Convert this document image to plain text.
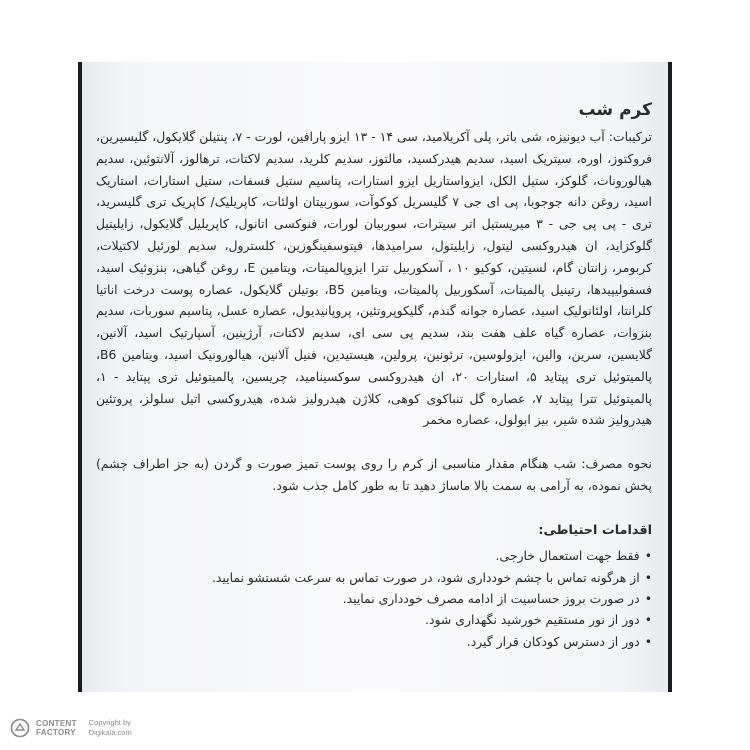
کرم شب

ترکیبات: آب دیونیزه، شی باتر، پلی آکریلامید، سی ۱۴ - ۱۳ ایزو پارافین، لورت - ۷، پنتیلن گلایکول، گلیسیرین، فروکتوز، اوره، سیتریک اسید، سدیم هیدرکسید، مالتوز، سدیم کلرید، سدیم لاکتات، ترهالوز، آلانتوئین، سدیم هیالورونات، گلوکز، ستیل الکل، ایزواستاریل ایزو استارات، پتاسیم ستیل فسفات، ستیل استارات، استاریک اسید، روغن دانه جوجوبا، پی ای جی ۷ گلیسریل کوکوآت، سوربیتان اولئات، کاپریلیک/ کاپریک تری گلیسرید، تری - پی پی جی - ۳ میریستیل اتر سیترات، سوربیان لورات، فنوکسی اتانول، کاپریلیل گلایکول، زایلیتیل گلوکزاید، ان هیدروکسی لیتول، زایلیتول، سرامیدها، فیتوسفینگوزین، کلسترول، سدیم لورئیل لاکتیلات، کربومر، زانتان گام، لسیتین، کوکیو ۱۰ ، آسکوربیل تترا ایزوپالمیتات، ویتامین E، روغن گیاهی، بنزوئیک اسید، فسفولیپیدها، رتینیل پالمیتات، آسکوربیل پالمیتات، ویتامین B5، بوتیلن گلایکول، عصاره پوست درخت اناتیا کلرانتا، اولئانولیک اسید، عصاره جوانه گندم، گلیکوپروتئین، پروپانیدیول، عصاره عسل، پتاسیم سوربات، سدیم بنزوات، عصاره گیاه علف هفت بند، سدیم پی سی ای، سدیم لاکتات، آرژینین، آسپارتیک اسید، آلانین، گلایسین، سرین، والین، ایزولوسین، ترئونین، پرولین، هیستیدین، فنیل آلانین، هیالورونیک اسید، ویتامین B6، پالمیتوئیل تری پپتاید ۵، استارات ۲۰، ان هیدروکسی سوکسینامید، چریسین، پالمیتوئیل تری پپتاید - ۱، پالمیتوئیل تترا پپتاید ۷، عصاره گل تنباکوی کوهی، کلاژن هیدرولیز شده، هیدروکسی اتیل سلولز، پروتئین هیدرولیز شده شیر، بیز ابولول، عصاره مخمر

نحوه مصرف: شب هنگام مقدار مناسبی از کرم را روی پوست تمیز صورت و گردن (به جز اطراف چشم) پخش نموده، به آرامی به سمت بالا ماساژ دهید تا به طور کامل جذب شود.

اقدامات احتیاطی:
• فقط جهت استعمال خارجی.
• از هرگونه تماس با چشم خودداری شود، در صورت تماس به سرعت شستشو نمایید.
• در صورت بروز حساسیت از ادامه مصرف خودداری نمایید.
• دور از نور مستقیم خورشید نگهداری شود.
• دور از دسترس کودکان قرار گیرد.
CONTENT
FACTORY
Copyright by
Digikala.com
